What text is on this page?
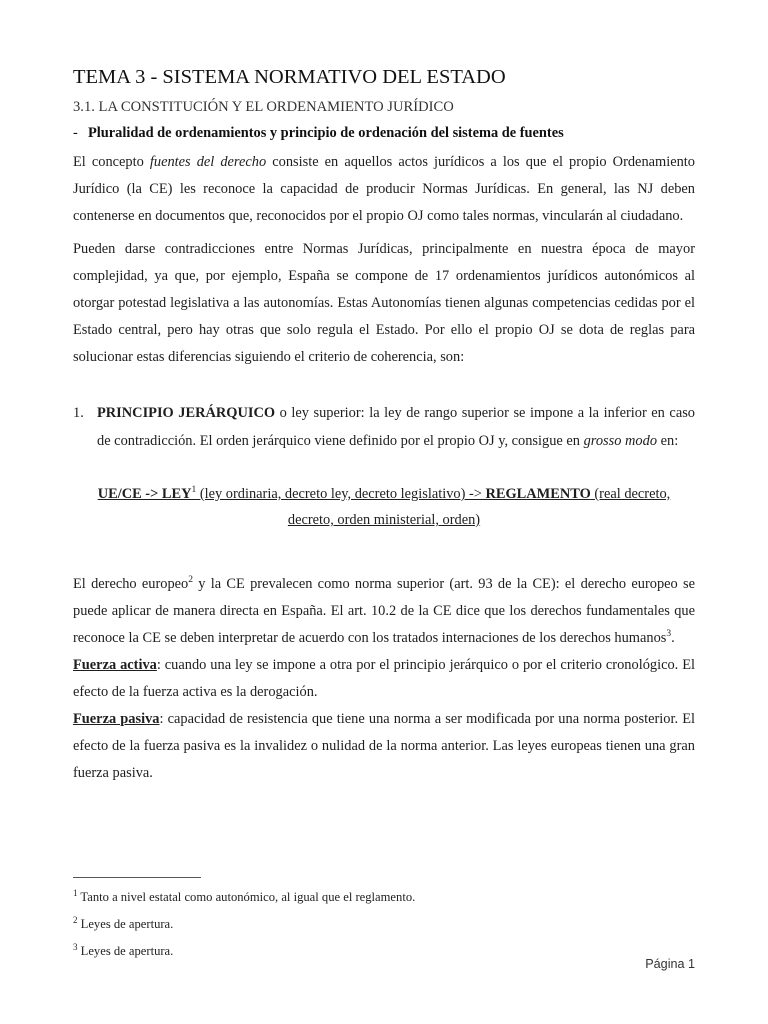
TEMA 3 - SISTEMA NORMATIVO DEL ESTADO
3.1. LA CONSTITUCIÓN Y EL ORDENAMIENTO JURÍDICO
- Pluralidad de ordenamientos y principio de ordenación del sistema de fuentes

El concepto fuentes del derecho consiste en aquellos actos jurídicos a los que el propio Ordenamiento Jurídico (la CE) les reconoce la capacidad de producir Normas Jurídicas. En general, las NJ deben contenerse en documentos que, reconocidos por el propio OJ como tales normas, vincularán al ciudadano.

Pueden darse contradicciones entre Normas Jurídicas, principalmente en nuestra época de mayor complejidad, ya que, por ejemplo, España se compone de 17 ordenamientos jurídicos autonómicos al otorgar potestad legislativa a las autonomías. Estas Autonomías tienen algunas competencias cedidas por el Estado central, pero hay otras que solo regula el Estado. Por ello el propio OJ se dota de reglas para solucionar estas diferencias siguiendo el criterio de coherencia, son:

1. PRINCIPIO JERÁRQUICO o ley superior: la ley de rango superior se impone a la inferior en caso de contradicción. El orden jerárquico viene definido por el propio OJ y, consigue en grosso modo en:
$UE/CE -> LEY^1$ (ley ordinaria, decreto ley, decreto legislativo) -> REGLAMENTO (real decreto, decreto, orden ministerial, orden)

El derecho europeo$^2$ y la CE prevalecen como norma superior (art. 93 de la CE): el derecho europeo se puede aplicar de manera directa en España. El art. 10.2 de la CE dice que los derechos fundamentales que reconoce la CE se deben interpretar de acuerdo con los tratados internaciones de los derechos humanos$^3$.

Fuerza activa: cuando una ley se impone a otra por el principio jerárquico o por el criterio cronológico. El efecto de la fuerza activa es la derogación.

Fuerza pasiva: capacidad de resistencia que tiene una norma a ser modificada por una norma posterior. El efecto de la fuerza pasiva es la invalidez o nulidad de la norma anterior. Las leyes europeas tienen una gran fuerza pasiva.

$^1$ Tanto a nivel estatal como autonómico, al igual que el reglamento.
$^2$ Leyes de apertura.
$^3$ Leyes de apertura.
Página 1
